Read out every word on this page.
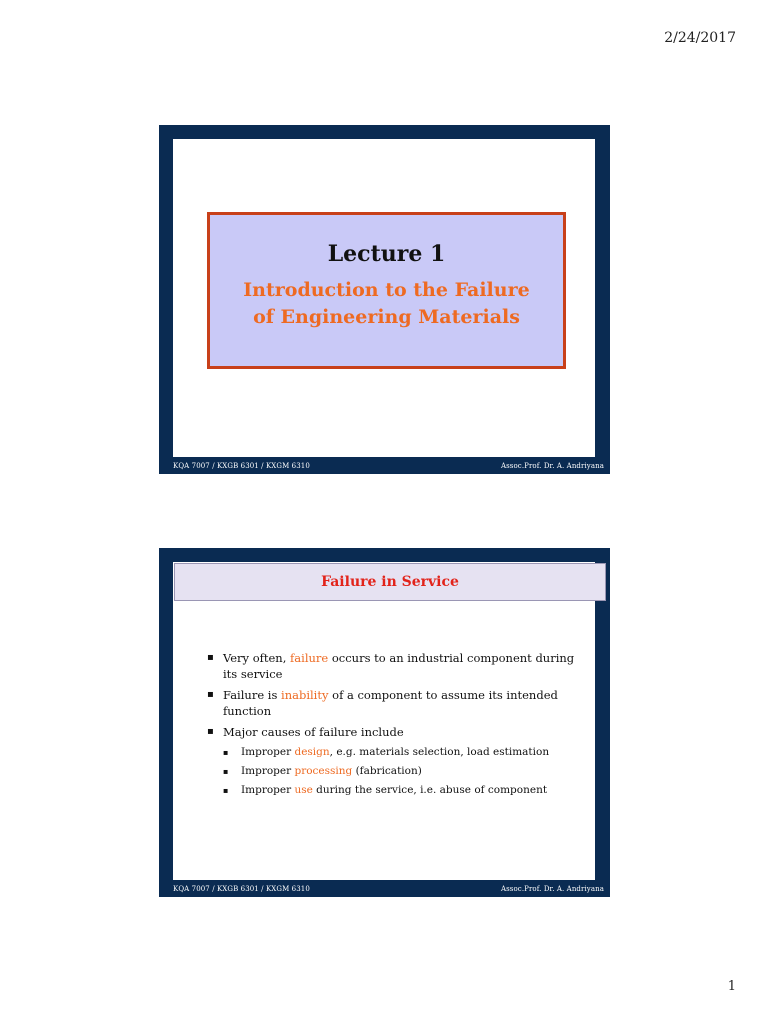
2/24/2017
Lecture 1
Introduction to the Failure
of Engineering Materials
KQA 7007 / KXGB 6301 / KXGM 6310	Assoc.Prof. Dr. A. Andriyana
Failure in Service
▪ Very often, failure occurs to an industrial component during its service
▪ Failure is inability of a component to assume its intended function
▪ Major causes of failure include
▪ Improper design, e.g. materials selection, load estimation
▪ Improper processing (fabrication)
▪ Improper use during the service, i.e. abuse of component
KQA 7007 / KXGB 6301 / KXGM 6310	Assoc.Prof. Dr. A. Andriyana
1
